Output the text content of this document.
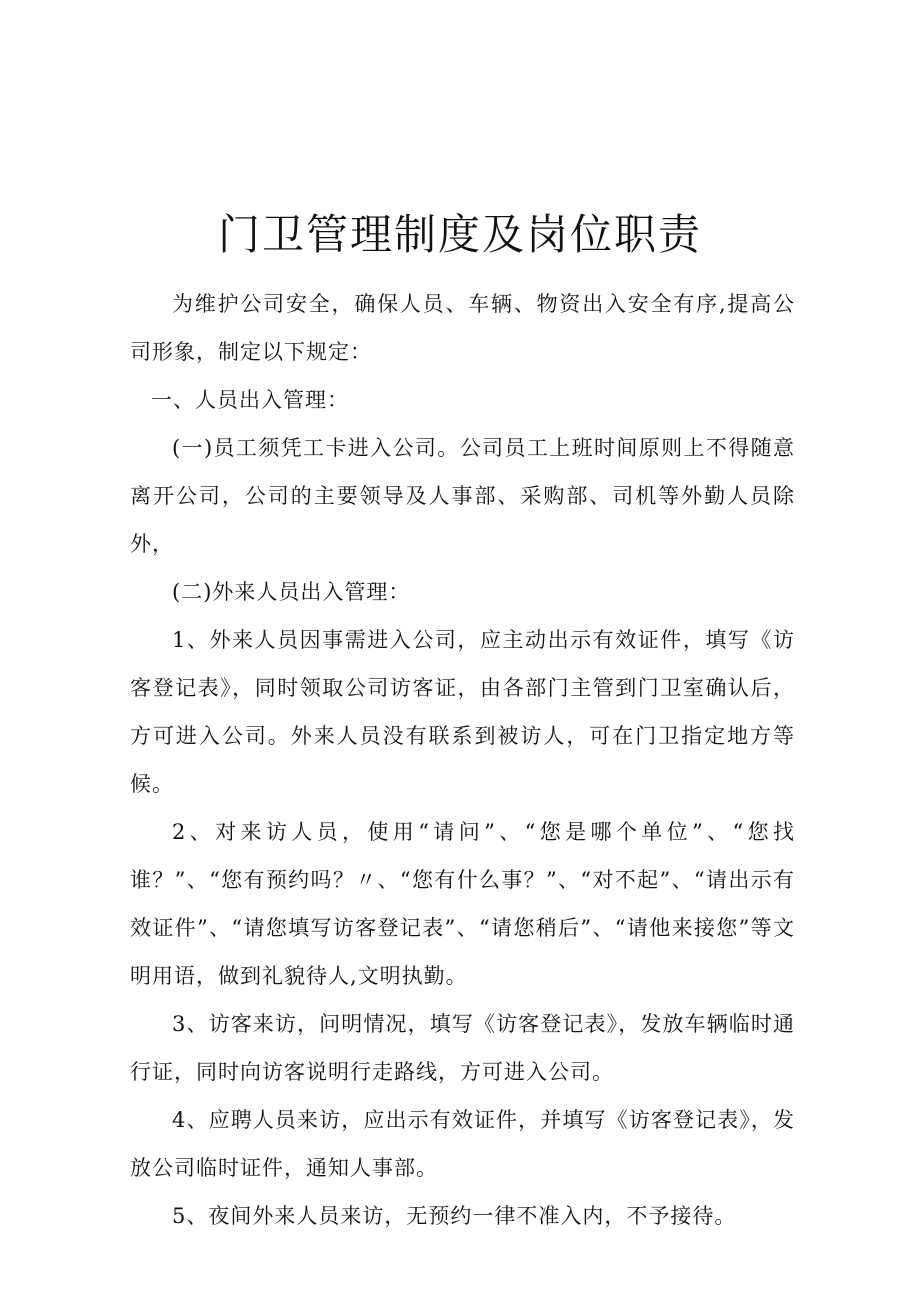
门卫管理制度及岗位职责

为维护公司安全，确保人员、车辆、物资出入安全有序,提高公司形象，制定以下规定：

一、人员出入管理：

(一)员工须凭工卡进入公司。公司员工上班时间原则上不得随意离开公司，公司的主要领导及人事部、采购部、司机等外勤人员除外，

(二)外来人员出入管理：

1、外来人员因事需进入公司，应主动出示有效证件，填写《访客登记表》，同时领取公司访客证，由各部门主管到门卫室确认后，方可进入公司。外来人员没有联系到被访人，可在门卫指定地方等候。

2、对来访人员，使用“请问”、“您是哪个单位”、“您找谁？”、“您有预约吗？〃、“您有什么事？”、“对不起”、“请出示有效证件”、“请您填写访客登记表”、“请您稍后”、“请他来接您”等文明用语，做到礼貌待人,文明执勤。

3、访客来访，问明情况，填写《访客登记表》，发放车辆临时通行证，同时向访客说明行走路线，方可进入公司。

4、应聘人员来访，应出示有效证件，并填写《访客登记表》，发放公司临时证件，通知人事部。

5、夜间外来人员来访，无预约一律不准入内，不予接待。
